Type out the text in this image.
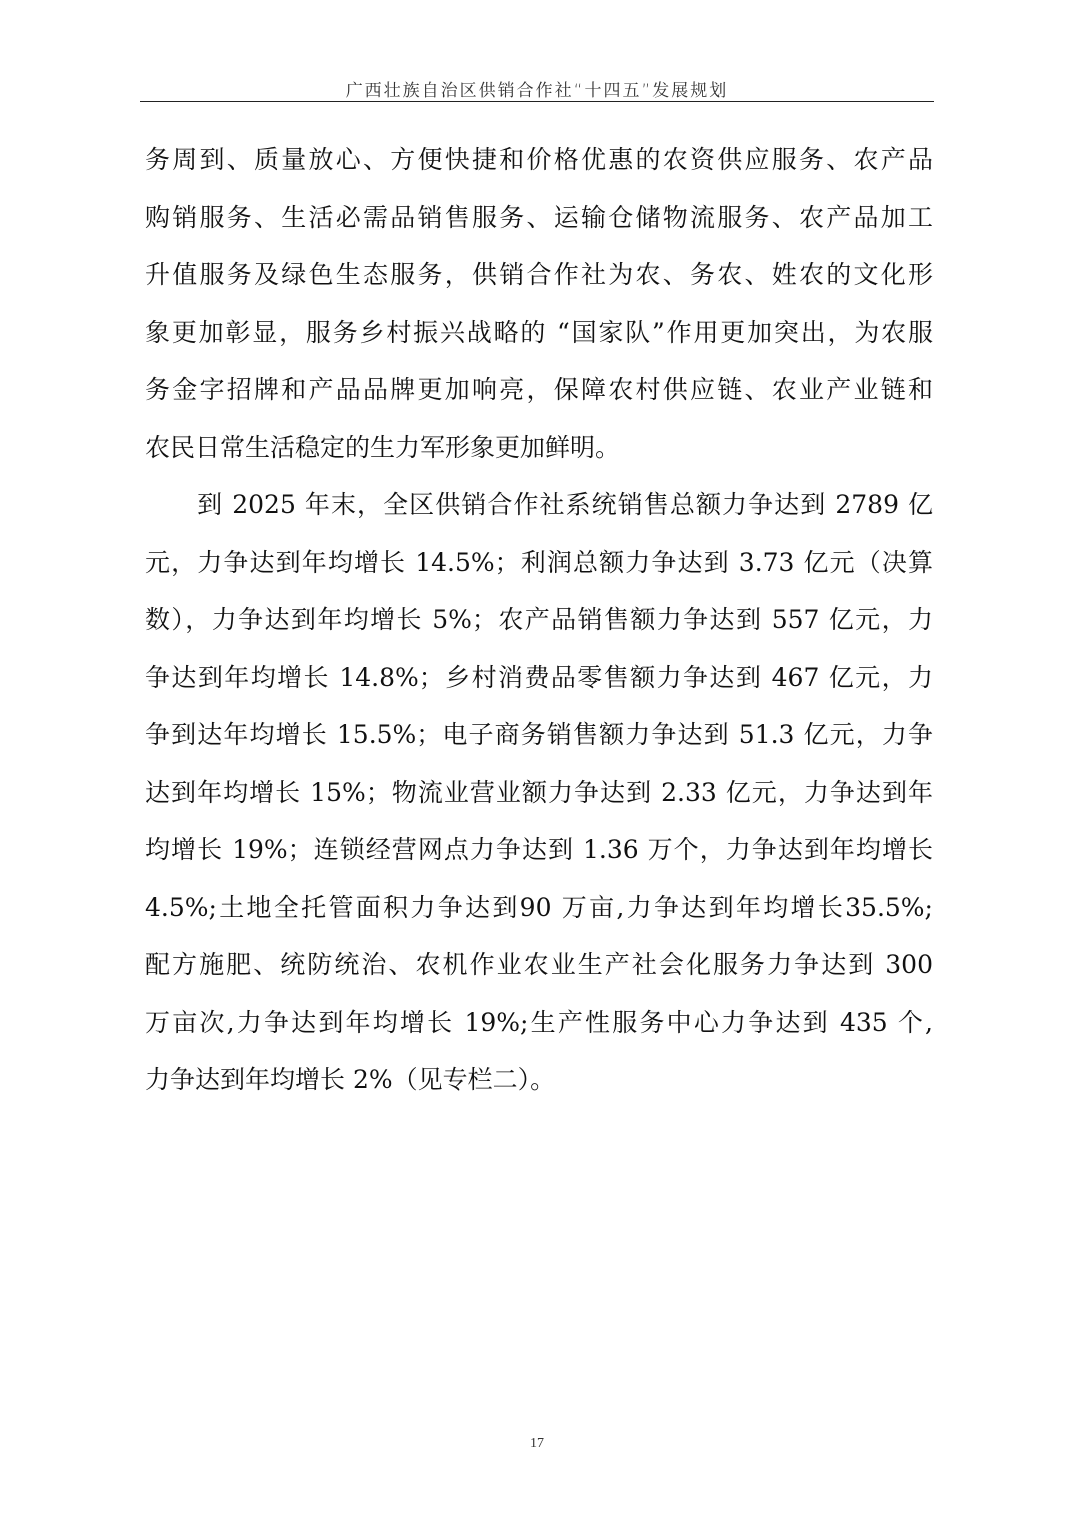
广西壮族自治区供销合作社“十四五”发展规划
务周到、质量放心、方便快捷和价格优惠的农资供应服务、农产品
购销服务、生活必需品销售服务、运输仓储物流服务、农产品加工
升值服务及绿色生态服务，供销合作社为农、务农、姓农的文化形
象更加彰显，服务乡村振兴战略的 “国家队”作用更加突出，为农服
务金字招牌和产品品牌更加响亮，保障农村供应链、农业产业链和
农民日常生活稳定的生力军形象更加鲜明。
　　到 2025 年末，全区供销合作社系统销售总额力争达到 2789 亿
元，力争达到年均增长 14.5%；利润总额力争达到 3.73 亿元（决算
数），力争达到年均增长 5%；农产品销售额力争达到 557 亿元，力
争达到年均增长 14.8%；乡村消费品零售额力争达到 467 亿元，力
争到达年均增长 15.5%；电子商务销售额力争达到 51.3 亿元，力争
达到年均增长 15%；物流业营业额力争达到 2.33 亿元，力争达到年
均增长 19%；连锁经营网点力争达到 1.36 万个，力争达到年均增长
4.5%;土地全托管面积力争达到90 万亩,力争达到年均增长35.5%;
配方施肥、统防统治、农机作业农业生产社会化服务力争达到 300
万亩次,力争达到年均增长 19%;生产性服务中心力争达到 435 个,
力争达到年均增长 2%（见专栏二）。
17
